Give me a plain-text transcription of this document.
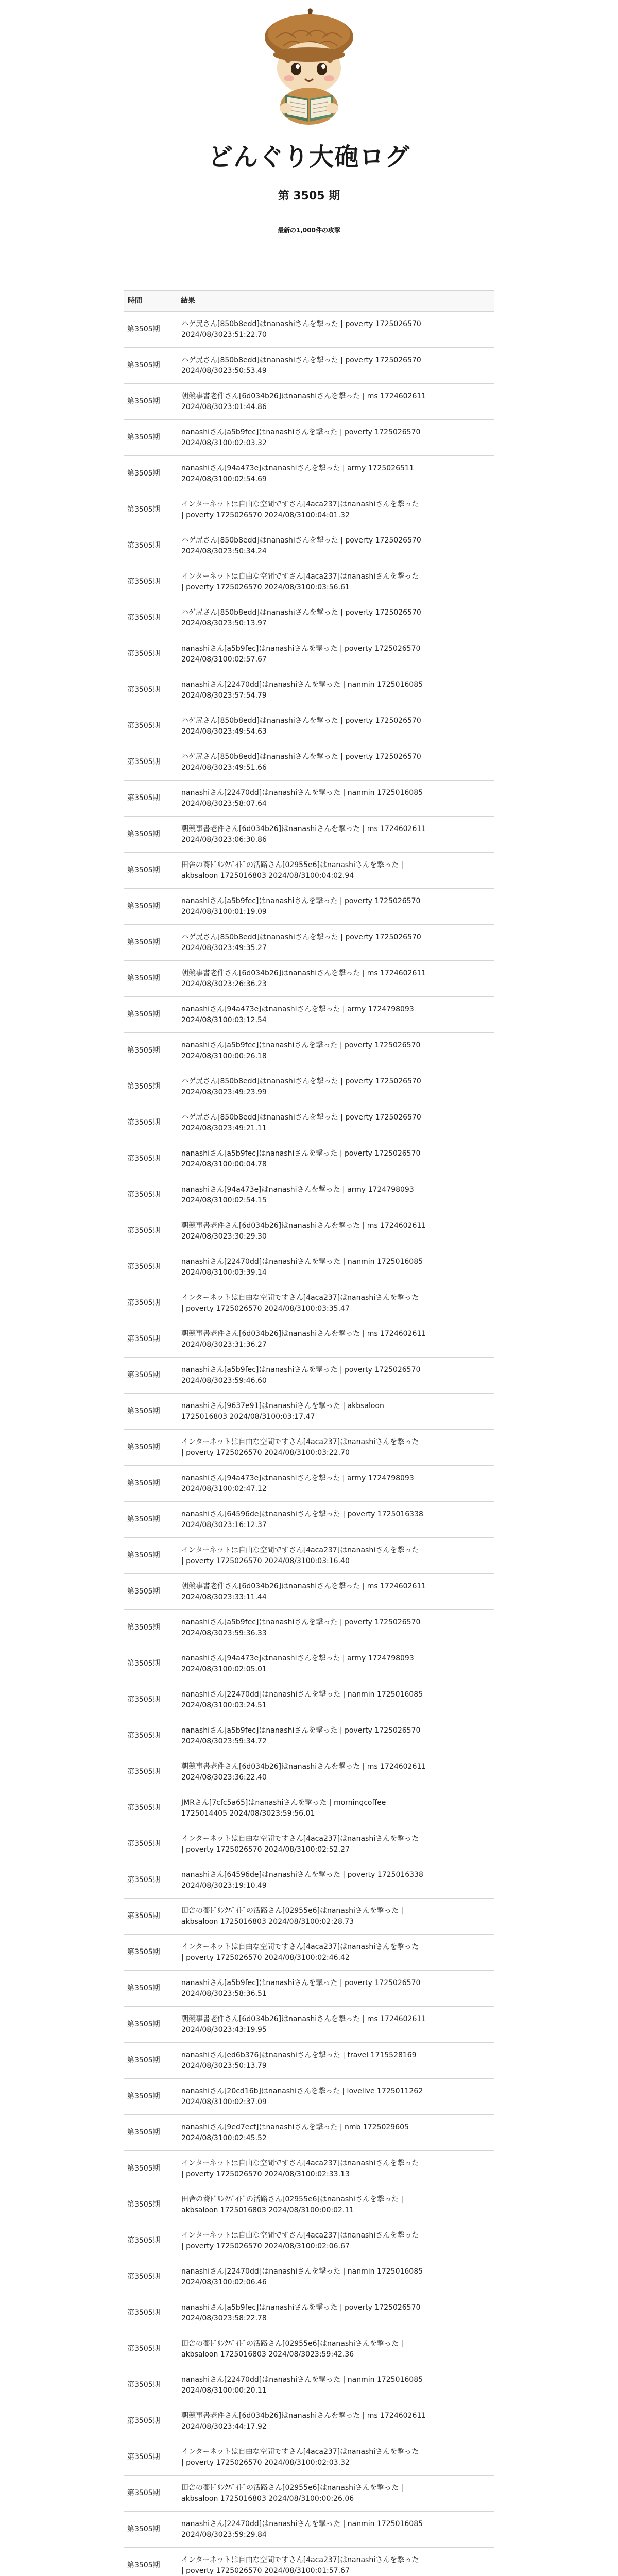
どんぐり大砲ログ
第 3505 期

最新の1,000件の攻撃

時間	結果
第3505期	ハゲ尻さん[850b8edd]はnanashiさんを撃った | poverty 1725026570
2024/08/3023:51:22.70

第3505期	ハゲ尻さん[850b8edd]はnanashiさんを撃った | poverty 1725026570
2024/08/3023:50:53.49

第3505期	朝競事書老件さん[6d034b26]はnanashiさんを撃った | ms 1724602611
2024/08/3023:01:44.86

第3505期	nanashiさん[a5b9fec]はnanashiさんを撃った | poverty 1725026570
2024/08/3100:02:03.32

第3505期	nanashiさん[94a473e]はnanashiさんを撃った | army 1725026511
2024/08/3100:02:54.69

第3505期	インターネットは自由な空間ですさん[4aca237]はnanashiさんを撃った
| poverty 1725026570 2024/08/3100:04:01.32

第3505期	ハゲ尻さん[850b8edd]はnanashiさんを撃った | poverty 1725026570
2024/08/3023:50:34.24

第3505期	インターネットは自由な空間ですさん[4aca237]はnanashiさんを撃った
| poverty 1725026570 2024/08/3100:03:56.61

第3505期	ハゲ尻さん[850b8edd]はnanashiさんを撃った | poverty 1725026570
2024/08/3023:50:13.97

第3505期	nanashiさん[a5b9fec]はnanashiさんを撃った | poverty 1725026570
2024/08/3100:02:57.67

第3505期	nanashiさん[22470dd]はnanashiさんを撃った | nanmin 1725016085
2024/08/3023:57:54.79

第3505期	ハゲ尻さん[850b8edd]はnanashiさんを撃った | poverty 1725026570
2024/08/3023:49:54.63

第3505期	ハゲ尻さん[850b8edd]はnanashiさんを撃った | poverty 1725026570
2024/08/3023:49:51.66

第3505期	nanashiさん[22470dd]はnanashiさんを撃った | nanmin 1725016085
2024/08/3023:58:07.64

第3505期	朝競事書老件さん[6d034b26]はnanashiさんを撃った | ms 1724602611
2024/08/3023:06:30.86

第3505期	田舎の蕎ﾄﾞﾘﾝｸﾊﾞｲﾄﾞの活路さん[02955e6]はnanashiさんを撃った |
akbsaloon 1725016803 2024/08/3100:04:02.94

第3505期	nanashiさん[a5b9fec]はnanashiさんを撃った | poverty 1725026570
2024/08/3100:01:19.09

第3505期	ハゲ尻さん[850b8edd]はnanashiさんを撃った | poverty 1725026570
2024/08/3023:49:35.27

第3505期	朝競事書老件さん[6d034b26]はnanashiさんを撃った | ms 1724602611
2024/08/3023:26:36.23

第3505期	nanashiさん[94a473e]はnanashiさんを撃った | army 1724798093
2024/08/3100:03:12.54

第3505期	nanashiさん[a5b9fec]はnanashiさんを撃った | poverty 1725026570
2024/08/3100:00:26.18

第3505期	ハゲ尻さん[850b8edd]はnanashiさんを撃った | poverty 1725026570
2024/08/3023:49:23.99

第3505期	ハゲ尻さん[850b8edd]はnanashiさんを撃った | poverty 1725026570
2024/08/3023:49:21.11

第3505期	nanashiさん[a5b9fec]はnanashiさんを撃った | poverty 1725026570
2024/08/3100:00:04.78

第3505期	nanashiさん[94a473e]はnanashiさんを撃った | army 1724798093
2024/08/3100:02:54.15

第3505期	朝競事書老件さん[6d034b26]はnanashiさんを撃った | ms 1724602611
2024/08/3023:30:29.30

第3505期	nanashiさん[22470dd]はnanashiさんを撃った | nanmin 1725016085
2024/08/3100:03:39.14

第3505期	インターネットは自由な空間ですさん[4aca237]はnanashiさんを撃った
| poverty 1725026570 2024/08/3100:03:35.47

第3505期	朝競事書老件さん[6d034b26]はnanashiさんを撃った | ms 1724602611
2024/08/3023:31:36.27

第3505期	nanashiさん[a5b9fec]はnanashiさんを撃った | poverty 1725026570
2024/08/3023:59:46.60

第3505期	nanashiさん[9637e91]はnanashiさんを撃った | akbsaloon
1725016803 2024/08/3100:03:17.47

第3505期	インターネットは自由な空間ですさん[4aca237]はnanashiさんを撃った
| poverty 1725026570 2024/08/3100:03:22.70

第3505期	nanashiさん[94a473e]はnanashiさんを撃った | army 1724798093
2024/08/3100:02:47.12

第3505期	nanashiさん[64596de]はnanashiさんを撃った | poverty 1725016338
2024/08/3023:16:12.37

第3505期	インターネットは自由な空間ですさん[4aca237]はnanashiさんを撃った
| poverty 1725026570 2024/08/3100:03:16.40

第3505期	朝競事書老件さん[6d034b26]はnanashiさんを撃った | ms 1724602611
2024/08/3023:33:11.44

第3505期	nanashiさん[a5b9fec]はnanashiさんを撃った | poverty 1725026570
2024/08/3023:59:36.33

第3505期	nanashiさん[94a473e]はnanashiさんを撃った | army 1724798093
2024/08/3100:02:05.01

第3505期	nanashiさん[22470dd]はnanashiさんを撃った | nanmin 1725016085
2024/08/3100:03:24.51

第3505期	nanashiさん[a5b9fec]はnanashiさんを撃った | poverty 1725026570
2024/08/3023:59:34.72

第3505期	朝競事書老件さん[6d034b26]はnanashiさんを撃った | ms 1724602611
2024/08/3023:36:22.40

第3505期	JMRさん[7cfc5a65]はnanashiさんを撃った | morningcoffee
1725014405 2024/08/3023:59:56.01

第3505期	インターネットは自由な空間ですさん[4aca237]はnanashiさんを撃った
| poverty 1725026570 2024/08/3100:02:52.27

第3505期	nanashiさん[64596de]はnanashiさんを撃った | poverty 1725016338
2024/08/3023:19:10.49

第3505期	田舎の蕎ﾄﾞﾘﾝｸﾊﾞｲﾄﾞの活路さん[02955e6]はnanashiさんを撃った |
akbsaloon 1725016803 2024/08/3100:02:28.73

第3505期	インターネットは自由な空間ですさん[4aca237]はnanashiさんを撃った
| poverty 1725026570 2024/08/3100:02:46.42

第3505期	nanashiさん[a5b9fec]はnanashiさんを撃った | poverty 1725026570
2024/08/3023:58:36.51

第3505期	朝競事書老件さん[6d034b26]はnanashiさんを撃った | ms 1724602611
2024/08/3023:43:19.95

第3505期	nanashiさん[ed6b376]はnanashiさんを撃った | travel 1715528169
2024/08/3023:50:13.79

第3505期	nanashiさん[20cd16b]はnanashiさんを撃った | lovelive 1725011262
2024/08/3100:02:37.09

第3505期	nanashiさん[9ed7ecf]はnanashiさんを撃った | nmb 1725029605
2024/08/3100:02:45.52

第3505期	インターネットは自由な空間ですさん[4aca237]はnanashiさんを撃った
| poverty 1725026570 2024/08/3100:02:33.13

第3505期	田舎の蕎ﾄﾞﾘﾝｸﾊﾞｲﾄﾞの活路さん[02955e6]はnanashiさんを撃った |
akbsaloon 1725016803 2024/08/3100:00:02.11

第3505期	インターネットは自由な空間ですさん[4aca237]はnanashiさんを撃った
| poverty 1725026570 2024/08/3100:02:06.67

第3505期	nanashiさん[22470dd]はnanashiさんを撃った | nanmin 1725016085
2024/08/3100:02:06.46

第3505期	nanashiさん[a5b9fec]はnanashiさんを撃った | poverty 1725026570
2024/08/3023:58:22.78

第3505期	田舎の蕎ﾄﾞﾘﾝｸﾊﾞｲﾄﾞの活路さん[02955e6]はnanashiさんを撃った |
akbsaloon 1725016803 2024/08/3023:59:42.36

第3505期	nanashiさん[22470dd]はnanashiさんを撃った | nanmin 1725016085
2024/08/3100:00:20.11

第3505期	朝競事書老件さん[6d034b26]はnanashiさんを撃った | ms 1724602611
2024/08/3023:44:17.92

第3505期	インターネットは自由な空間ですさん[4aca237]はnanashiさんを撃った
| poverty 1725026570 2024/08/3100:02:03.32

第3505期	田舎の蕎ﾄﾞﾘﾝｸﾊﾞｲﾄﾞの活路さん[02955e6]はnanashiさんを撃った |
akbsaloon 1725016803 2024/08/3100:00:26.06

第3505期	nanashiさん[22470dd]はnanashiさんを撃った | nanmin 1725016085
2024/08/3023:59:29.84

第3505期	インターネットは自由な空間ですさん[4aca237]はnanashiさんを撃った
| poverty 1725026570 2024/08/3100:01:57.67
